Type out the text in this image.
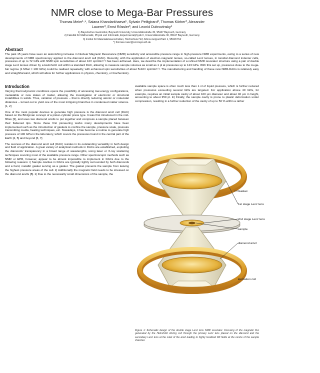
NMR close to Mega-Bar Pressures
Thomas Meier¹˒*, Saiana Khandarkhaeva¹, Sylvain Petitgirard², Thomas Körber³, Alexander
Lauerer³, Ernst Rössler³, and Leonid Dubrovinsky¹
1) Bayerisches Geoinstitut, Bayreuth University, Universitätsstraße 30, 95447 Bayreuth, Germany
2) Fakultät für Mathematik, Physik und Informatik, Experimentalphysik II, Universitätsstraße 30, 95447 Bayreuth, Germany
3) Institut für Materialwissenschaften, Hochschule Hof, Alfons-Goppel-Platz 1, 95028 Hof
*) thomas.meier@uni-bayreuth.de
Abstract
The past 15 years have seen an astonishing increase in Nuclear Magnetic Resonance (NMR) sensitivity and accessible pressure range in high-pressure NMR experiments, owing to a series of new developments of NMR spectroscopy applied to the diamond anvil cell (DAC). Recently, with the application of electron-magnetic lenses, so-called Lenz lenses, in toroidal diamond indenter cells, pressures of up to 72 GPa with NMR spin sensitivities of about 10¹² spin/Hz¹ᐟ² has been achieved. Here, we describe the implementation of a refined NMR resonator structure using a pair of double stage Lenz lenses driven by a Helmholtz coil within a standard DAC, allowing to measure sample volumes as small as 1 pl at pressures up to 123 GPa. With this set up, pressures close to the mega-bar regime (1 Mbar = 100 GPa) could be realised repeatedly, with enhanced spin sensitivities of about 5x10¹¹ spin/Hz¹ᐟ². The manufacturing and handling of these new NMR-DACs is relatively easy and straightforward, which will allow for further applications in physics, chemistry, or biochemistry.
Introduction

Varying thermodynamic conditions opens the possibility of accessing low-energy configurations, metastable or new states of matter, allowing the investigation of electronic or structural instabilities in solids. Thus, variation of pressure – that is directly reducing atomic or molecular distances – turned out to yield one of the most intriguing branches in condensed matter science. [1, 2]

One of the most popular devices to generate high pressure is the diamond anvil cell (DAC) based on the Bridgman concept of a piston-cylinder press type. It was first introduced in the mid-fifties [3], and uses two diamond anvils to put together and compress a sample placed between their flattened tips. Since these first pioneering works many developments have been implemented such as the introduction of gaskets to confine the sample, pressure scale, pressure transmitting media, heating techniques, etc. Nowadays, it has become a routine to generate high pressure of 100 GPa in the laboratory, which covers the pressures found in the central part of the Earth [4, 5] and beyond [6, 7].

The success of the diamond anvil cell (DAC) resides in its outstanding versatility in both design and field of application. A great variety of analytical methods in DACs are established, exploiting the diamonds' transparency in a broad range of wavelengths, using laser or X-ray scattering techniques covering most of the available pressure range. Other spectroscopic methods such as NMR or EPR, however, appear to be almost impossible to implement in DACs due to the following reasons: i) Sample cavities in DACs are typically tightly surrounded by both diamonds and a hard, metallic gasket serving as a gasket. The gasket prevents the sample from leaving the highest pressure areas of the cell. ii) Additionally the magnetic field needs to be stressed on the diamond anvils [8]. ii) Due to the necessarily small dimensions of the sample, the

available sample space is often much less than 1 nl of liquid pressure, which is further reduced when pressures exceeding several GPa are targeted. For application above 40 GPa, for example, requires an initial sample cavity of about 100 µm diameter and about 40 µm in height, amounting to about 350 pl. iii) Finally, the sample cavity is prone to plastic deformation under compression, resulting in a further reduction of the cavity of up to 50 % within a rather
Gasket
1st stage Lenz lens
2nd stage Lenz lens
sample
diamond anvil
excitation coil
Figure 1: Schematic design of the double stage Lenz lens NMR resonator. Focusing of the magnetic flux generated by the Helmholtz driving coil through the primary Lenz lens placed on the diamond and the secondary Lenz lens at the culet of the anvil leading to highly localized RF fields at the centre of the sample chamber.
